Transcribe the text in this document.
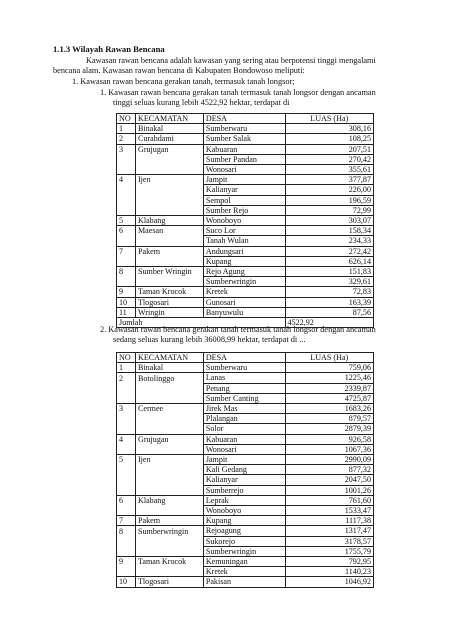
1.1.3 Wilayah Rawan Bencana
Kawasan rawan bencana adalah kawasan yang sering atau berpotensi tinggi mengalami
bencana alam. Kawasan rawan bencana di Kabupaten Bondowoso meliputi:
1. Kawasan rawan bencana gerakan tanah, termasuk tanah longsor;
1. Kawasan rawan bencana gerakan tanah termasuk tanah longsor dengan ancaman
tinggi seluas kurang lebih 4522,92 hektar, terdapat di
NO	KECAMATAN	DESA	LUAS (Ha)
1	Binakal	Sumberwaru	308,16
2	Curahdami	Sumber Salak	108,25
3	Grujugan	Kabuaran	207,51
		Sumber Pandan	270,42
		Wonosari	355,61
4	Ijen	Jampit	377,87
		Kalianyar	226,00
		Sempol	196,59
		Sumber Rejo	72,99
5	Klabang	Wonoboyo	303,07
6	Maesan	Suco Lor	158,34
		Tanah Wulan	234,33
7	Pakem	Andungsari	272,42
		Kupang	626,14
8	Sumber Wringin	Rejo Agung	151,83
		Sumberwringin	329,61
9	Taman Krocok	Kretek	72,83
10	Tlogosari	Gunosari	163,39
11	Wringin	Banyuwulu	87,56
Jumlah			4522,92
2. Kawasan rawan bencana gerakan tanah termasuk tanah longsor dengan ancaman
sedang seluas kurang lebih 36008,99 hektar, terdapat di ...
NO	KECAMATAN	DESA	LUAS (Ha)
1	Binakal	Sumberwaru	759,06
2	Botolinggo	Lanas	1225,46
		Penang	2339,87
		Sumber Canting	4725,87
3	Cermee	Jirek Mas	1683,26
		Plalangan	879,57
		Solor	2879,39
4	Grujugan	Kabuaran	926,58
		Wonosari	1067,36
5	Ijen	Jampit	2990,09
		Kali Gedang	877,32
		Kalianyar	2047,50
		Sumberrejo	1001,26
6	Klabang	Leprak	761,60
		Wonoboyo	1533,47
7	Pakem	Kupang	1117,38
8	Sumberwringin	Rejoagung	1317,47
		Sukorejo	3178,57
		Sumberwringin	1755,79
9	Taman Krocok	Kemuningan	792,95
		Kretek	1140,23
10	Tlogosari	Pakisan	1046,92
